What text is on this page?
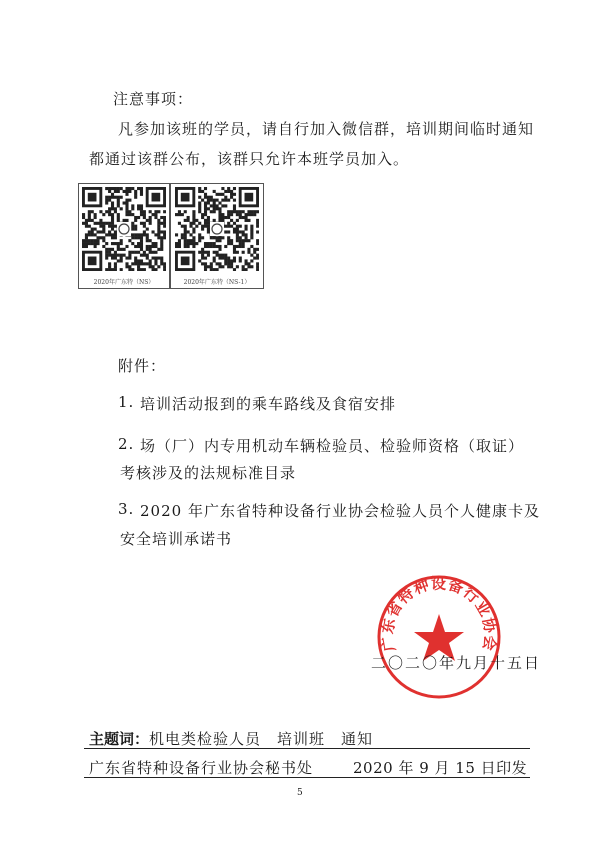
注意事项：
凡参加该班的学员，请自行加入微信群，培训期间临时通知
都通过该群公布，该群只允许本班学员加入。
2020年广东特（NS）	2020年广东特（NS-1）
附件：
1. 培训活动报到的乘车路线及食宿安排
2. 场（厂）内专用机动车辆检验员、检验师资格（取证）
考核涉及的法规标准目录
3. 2020 年广东省特种设备行业协会检验人员个人健康卡及
安全培训承诺书
广东省特种设备行业协会
二〇二〇年九月十五日
主题词：机电类检验人员　培训班　通知
广东省特种设备行业协会秘书处	2020 年 9 月 15 日印发
5
